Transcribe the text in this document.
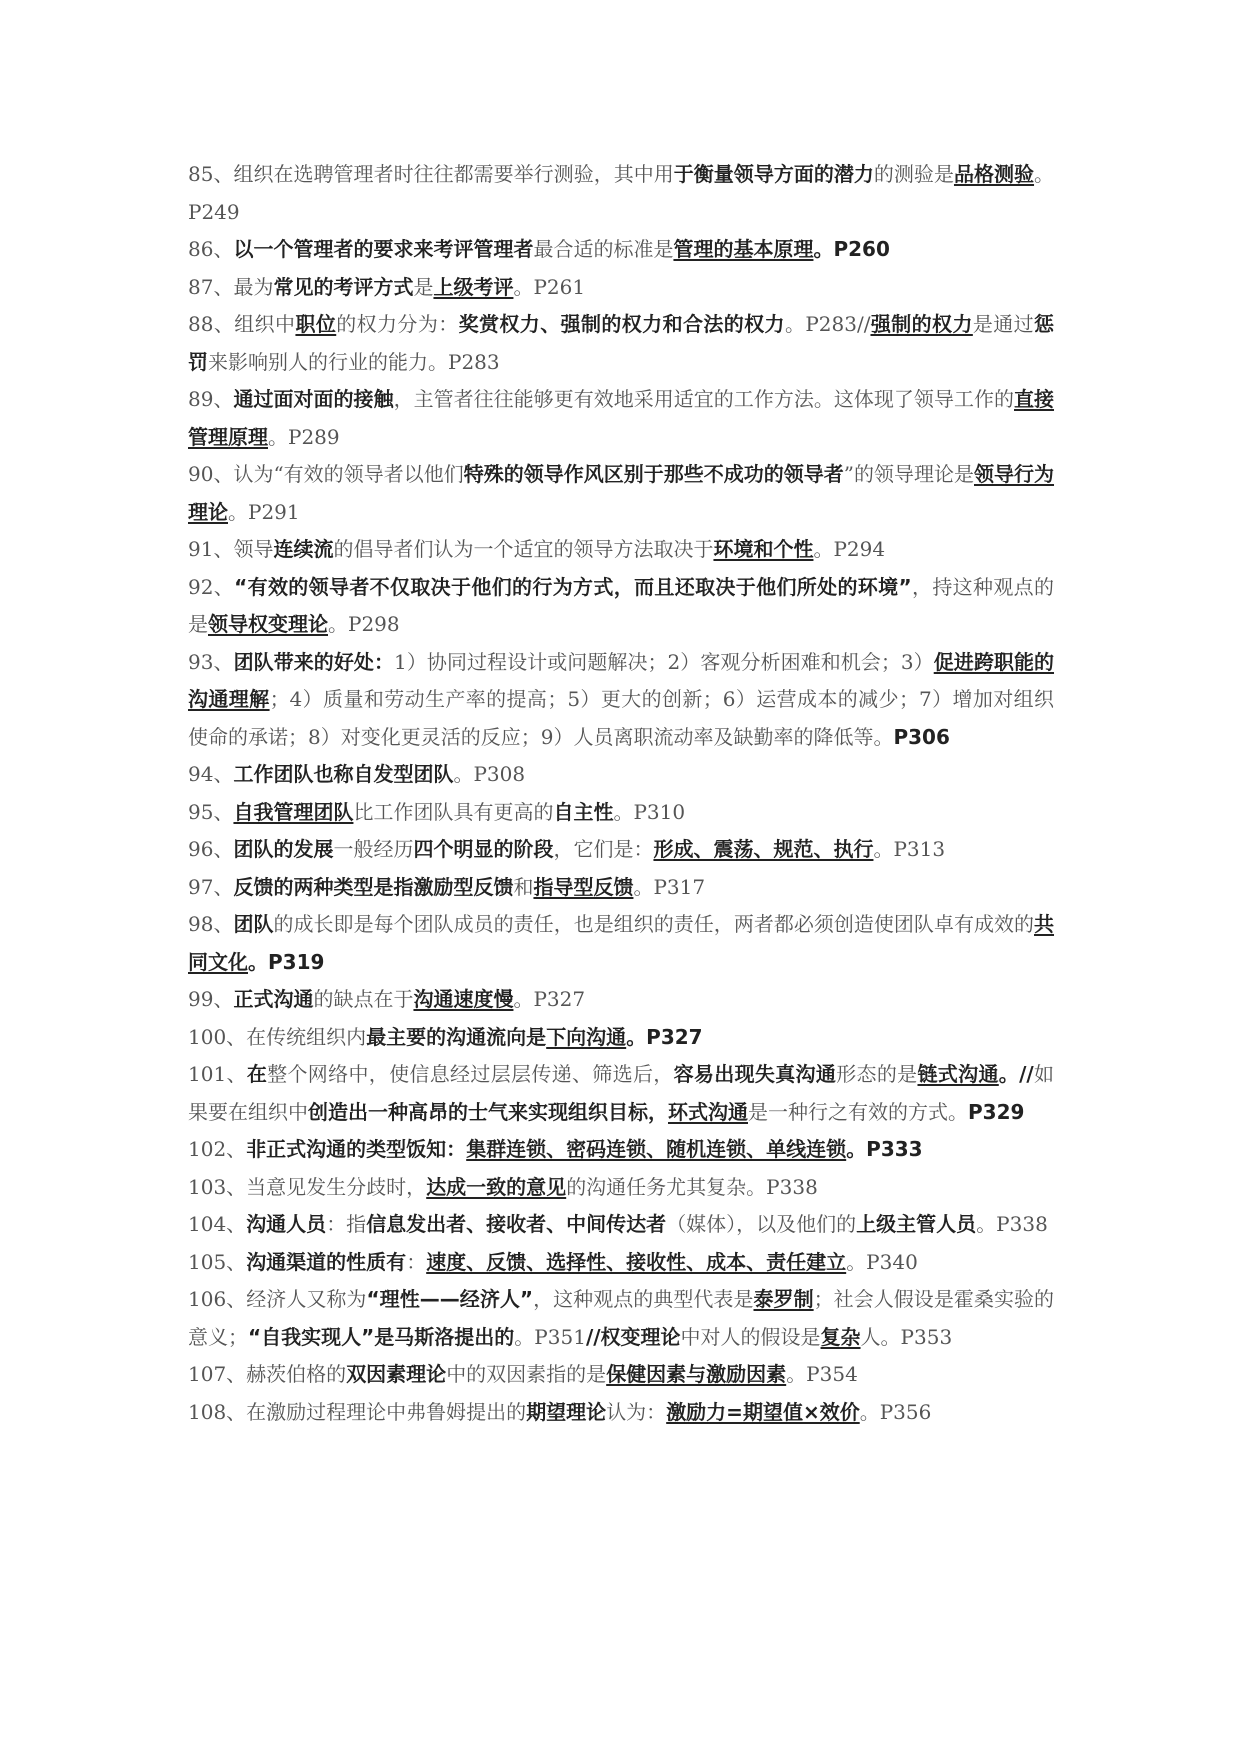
85、组织在选聘管理者时往往都需要举行测验，其中用于衡量领导方面的潜力的测验是品格测验。P249

86、以一个管理者的要求来考评管理者最合适的标准是管理的基本原理。P260

87、最为常见的考评方式是上级考评。P261

88、组织中职位的权力分为：奖赏权力、强制的权力和合法的权力。P283//强制的权力是通过惩罚来影响别人的行业的能力。P283

89、通过面对面的接触，主管者往往能够更有效地采用适宜的工作方法。这体现了领导工作的直接管理原理。P289

90、认为“有效的领导者以他们特殊的领导作风区别于那些不成功的领导者”的领导理论是领导行为理论。P291

91、领导连续流的倡导者们认为一个适宜的领导方法取决于环境和个性。P294

92、“有效的领导者不仅取决于他们的行为方式，而且还取决于他们所处的环境”，持这种观点的是领导权变理论。P298

93、团队带来的好处：1）协同过程设计或问题解决；2）客观分析困难和机会；3）促进跨职能的沟通理解；4）质量和劳动生产率的提高；5）更大的创新；6）运营成本的减少；7）增加对组织使命的承诺；8）对变化更灵活的反应；9）人员离职流动率及缺勤率的降低等。P306

94、工作团队也称自发型团队。P308

95、自我管理团队比工作团队具有更高的自主性。P310

96、团队的发展一般经历四个明显的阶段，它们是：形成、震荡、规范、执行。P313

97、反馈的两种类型是指激励型反馈和指导型反馈。P317

98、团队的成长即是每个团队成员的责任，也是组织的责任，两者都必须创造使团队卓有成效的共同文化。P319

99、正式沟通的缺点在于沟通速度慢。P327

100、在传统组织内最主要的沟通流向是下向沟通。P327

101、在整个网络中，使信息经过层层传递、筛选后，容易出现失真沟通形态的是链式沟通。//如果要在组织中创造出一种高昂的士气来实现组织目标，环式沟通是一种行之有效的方式。P329

102、非正式沟通的类型饭知：集群连锁、密码连锁、随机连锁、单线连锁。P333

103、当意见发生分歧时，达成一致的意见的沟通任务尤其复杂。P338

104、沟通人员：指信息发出者、接收者、中间传达者（媒体），以及他们的上级主管人员。P338

105、沟通渠道的性质有：速度、反馈、选择性、接收性、成本、责任建立。P340

106、经济人又称为“理性——经济人”，这种观点的典型代表是泰罗制；社会人假设是霍桑实验的意义；“自我实现人”是马斯洛提出的。P351//权变理论中对人的假设是复杂人。P353

107、赫茨伯格的双因素理论中的双因素指的是保健因素与激励因素。P354

108、在激励过程理论中弗鲁姆提出的期望理论认为：激励力=期望值×效价。P356
